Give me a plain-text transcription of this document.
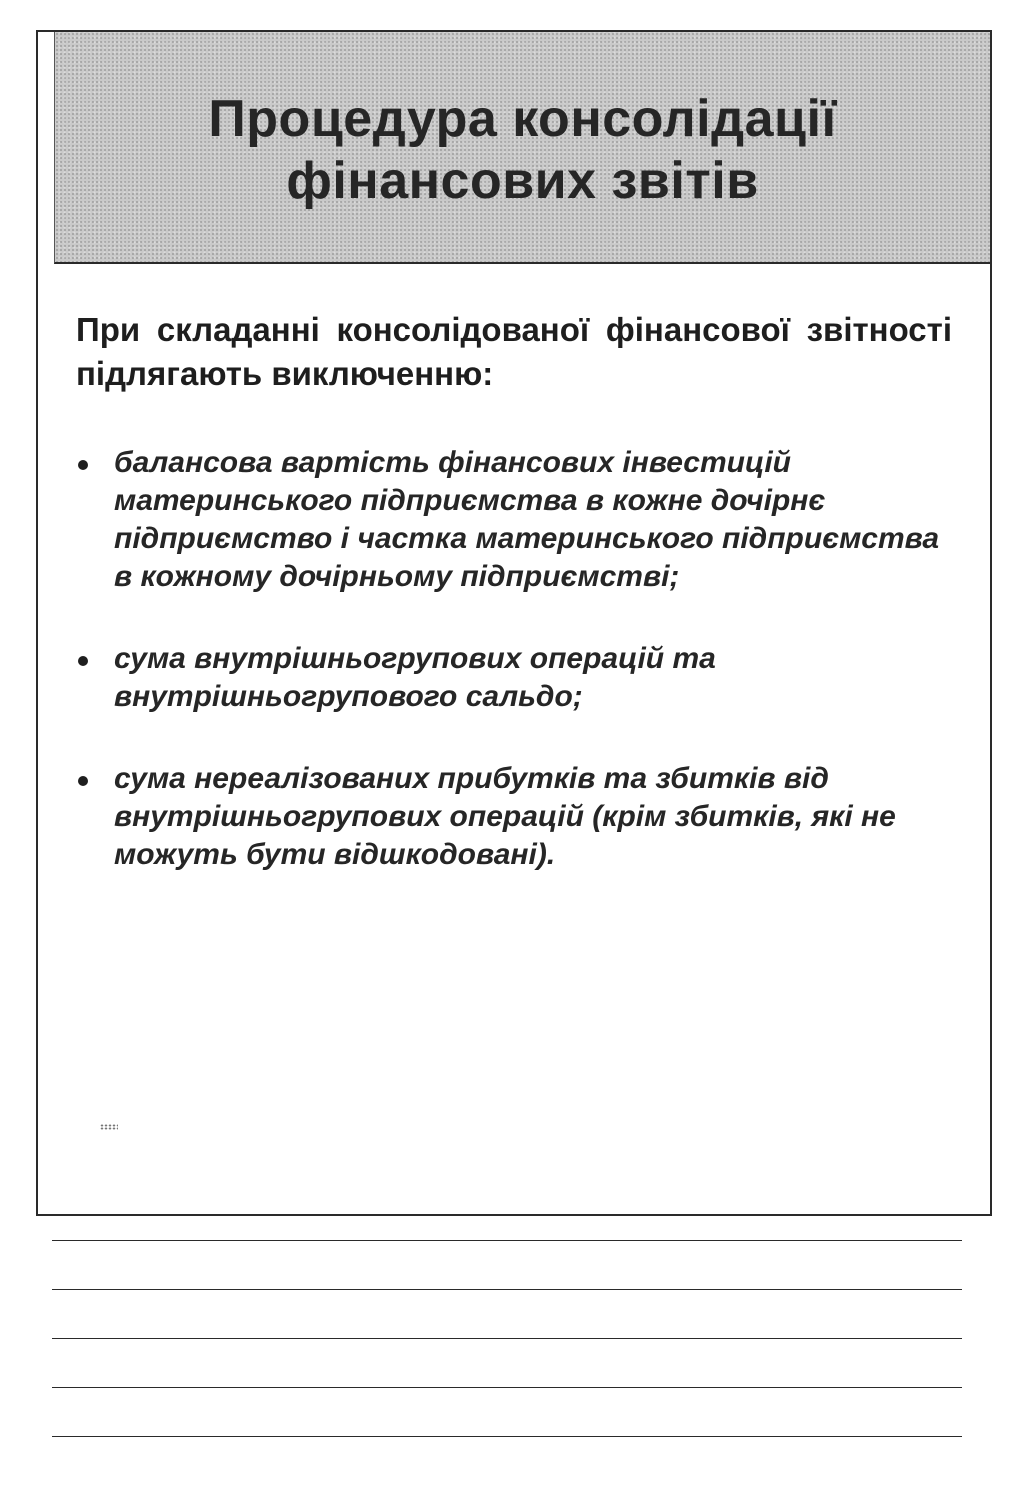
Процедура консолідації
фінансових звітів

При складанні консолідованої фінансової звітності підлягають виключенню:

балансова вартість фінансових інвестицій материнського підприємства в кожне дочірнє підприємство і частка материнського підприємства в кожному дочірньому підприємстві;
сума внутрішньогрупових операцій та внутрішньогрупового сальдо;
сума нереалізованих прибутків та збитків від внутрішньогрупових операцій (крім збитків, які не можуть бути відшкодовані).
